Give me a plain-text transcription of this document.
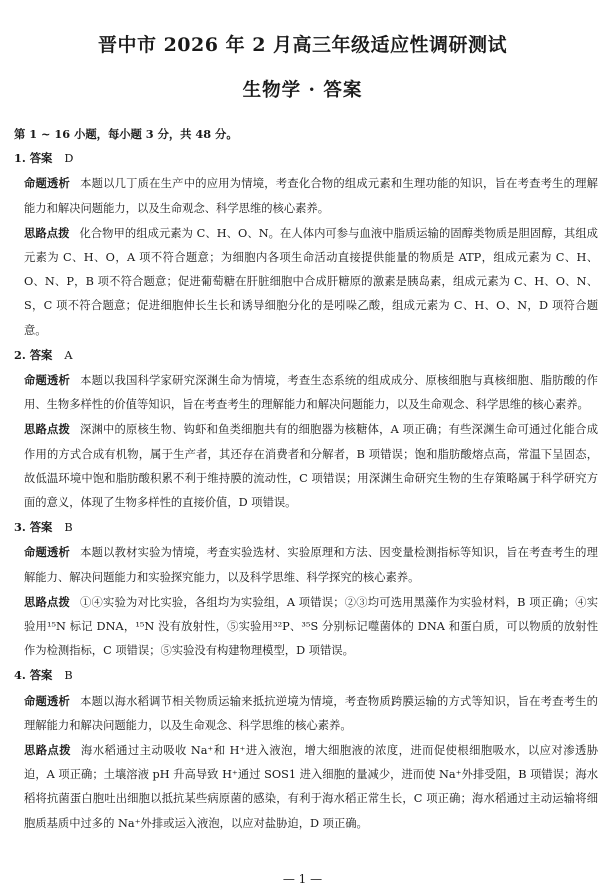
晋中市 2026 年 2 月高三年级适应性调研测试
生物学 · 答案

第 1 ~ 16 小题，每小题 3 分，共 48 分。

1. 答案 D

命题透析 本题以几丁质在生产中的应用为情境，考查化合物的组成元素和生理功能的知识，旨在考查考生的理解能力和解决问题能力，以及生命观念、科学思维的核心素养。

思路点拨 化合物甲的组成元素为 C、H、O、N。在人体内可参与血液中脂质运输的固醇类物质是胆固醇，其组成元素为 C、H、O，A 项不符合题意；为细胞内各项生命活动直接提供能量的物质是 ATP，组成元素为 C、H、O、N、P，B 项不符合题意；促进葡萄糖在肝脏细胞中合成肝糖原的激素是胰岛素，组成元素为 C、H、O、N、S，C 项不符合题意；促进细胞伸长生长和诱导细胞分化的是吲哚乙酸，组成元素为 C、H、O、N，D 项符合题意。

2. 答案 A

命题透析 本题以我国科学家研究深渊生命为情境，考查生态系统的组成成分、原核细胞与真核细胞、脂肪酸的作用、生物多样性的价值等知识，旨在考查考生的理解能力和解决问题能力，以及生命观念、科学思维的核心素养。

思路点拨 深渊中的原核生物、钩虾和鱼类细胞共有的细胞器为核糖体，A 项正确；有些深渊生命可通过化能合成作用的方式合成有机物，属于生产者，其还存在消费者和分解者，B 项错误；饱和脂肪酸熔点高，常温下呈固态，故低温环境中饱和脂肪酸积累不利于维持膜的流动性，C 项错误；用深渊生命研究生物的生存策略属于科学研究方面的意义，体现了生物多样性的直接价值，D 项错误。

3. 答案 B

命题透析 本题以教材实验为情境，考查实验选材、实验原理和方法、因变量检测指标等知识，旨在考查考生的理解能力、解决问题能力和实验探究能力，以及科学思维、科学探究的核心素养。

思路点拨 ①④实验为对比实验，各组均为实验组，A 项错误；②③均可选用黑藻作为实验材料，B 项正确；④实验用¹⁵N 标记 DNA，¹⁵N 没有放射性，⑤实验用³²P、³⁵S 分别标记噬菌体的 DNA 和蛋白质，可以物质的放射性作为检测指标，C 项错误；⑤实验没有构建物理模型，D 项错误。

4. 答案 B

命题透析 本题以海水稻调节相关物质运输来抵抗逆境为情境，考查物质跨膜运输的方式等知识，旨在考查考生的理解能力和解决问题能力，以及生命观念、科学思维的核心素养。

思路点拨 海水稻通过主动吸收 Na⁺和 H⁺进入液泡，增大细胞液的浓度，进而促使根细胞吸水，以应对渗透胁迫，A 项正确；土壤溶液 pH 升高导致 H⁺通过 SOS1 进入细胞的量减少，进而使 Na⁺外排受阻，B 项错误；海水稻将抗菌蛋白胞吐出细胞以抵抗某些病原菌的感染，有利于海水稻正常生长，C 项正确；海水稻通过主动运输将细胞质基质中过多的 Na⁺外排或运入液泡，以应对盐胁迫，D 项正确。

— 1 —
